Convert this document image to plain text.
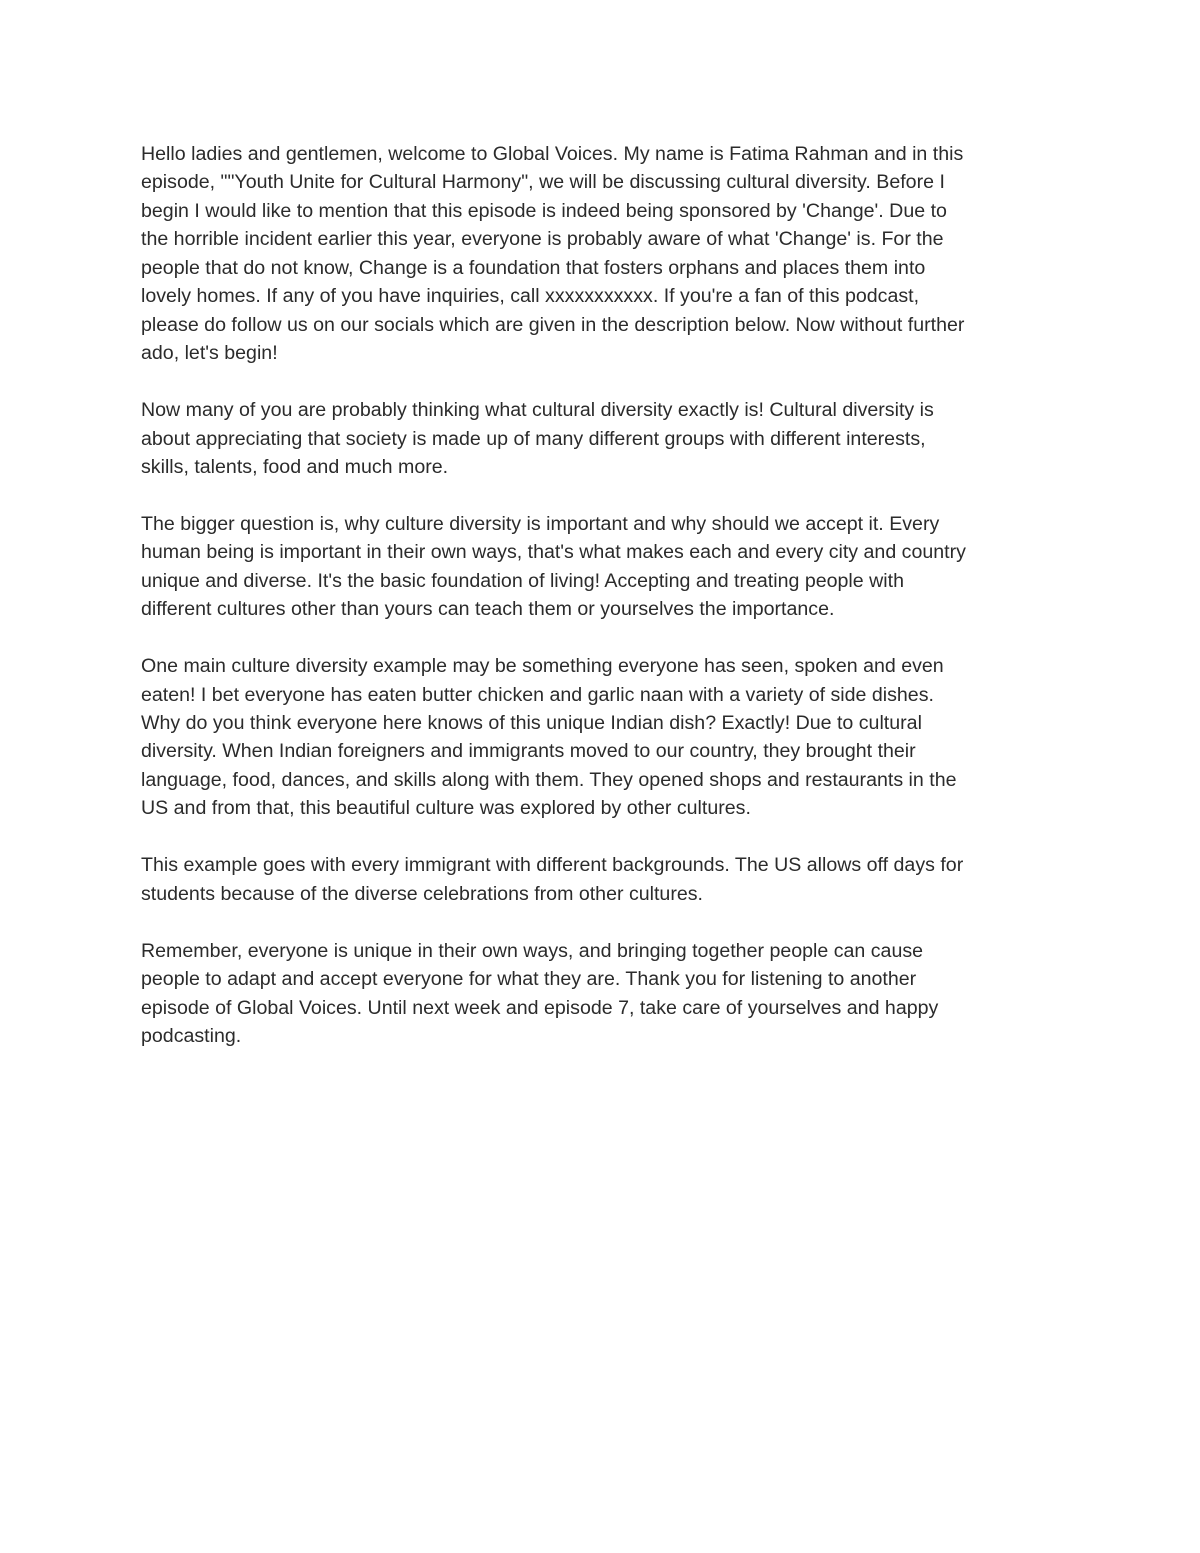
Hello ladies and gentlemen, welcome to Global Voices. My name is Fatima Rahman and in this
episode, ""Youth Unite for Cultural Harmony", we will be discussing cultural diversity. Before I
begin I would like to mention that this episode is indeed being sponsored by 'Change'. Due to
the horrible incident earlier this year, everyone is probably aware of what 'Change' is. For the
people that do not know, Change is a foundation that fosters orphans and places them into
lovely homes. If any of you have inquiries, call xxxxxxxxxxx. If you're a fan of this podcast,
please do follow us on our socials which are given in the description below. Now without further
ado, let's begin!

Now many of you are probably thinking what cultural diversity exactly is! Cultural diversity is
about appreciating that society is made up of many different groups with different interests,
skills, talents, food and much more.

The bigger question is, why culture diversity is important and why should we accept it. Every
human being is important in their own ways, that's what makes each and every city and country
unique and diverse. It's the basic foundation of living! Accepting and treating people with
different cultures other than yours can teach them or yourselves the importance.

One main culture diversity example may be something everyone has seen, spoken and even
eaten! I bet everyone has eaten butter chicken and garlic naan with a variety of side dishes.
Why do you think everyone here knows of this unique Indian dish? Exactly! Due to cultural
diversity. When Indian foreigners and immigrants moved to our country, they brought their
language, food, dances, and skills along with them. They opened shops and restaurants in the
US and from that, this beautiful culture was explored by other cultures.

This example goes with every immigrant with different backgrounds. The US allows off days for
students because of the diverse celebrations from other cultures.

Remember, everyone is unique in their own ways, and bringing together people can cause
people to adapt and accept everyone for what they are. Thank you for listening to another
episode of Global Voices. Until next week and episode 7, take care of yourselves and happy
podcasting.
